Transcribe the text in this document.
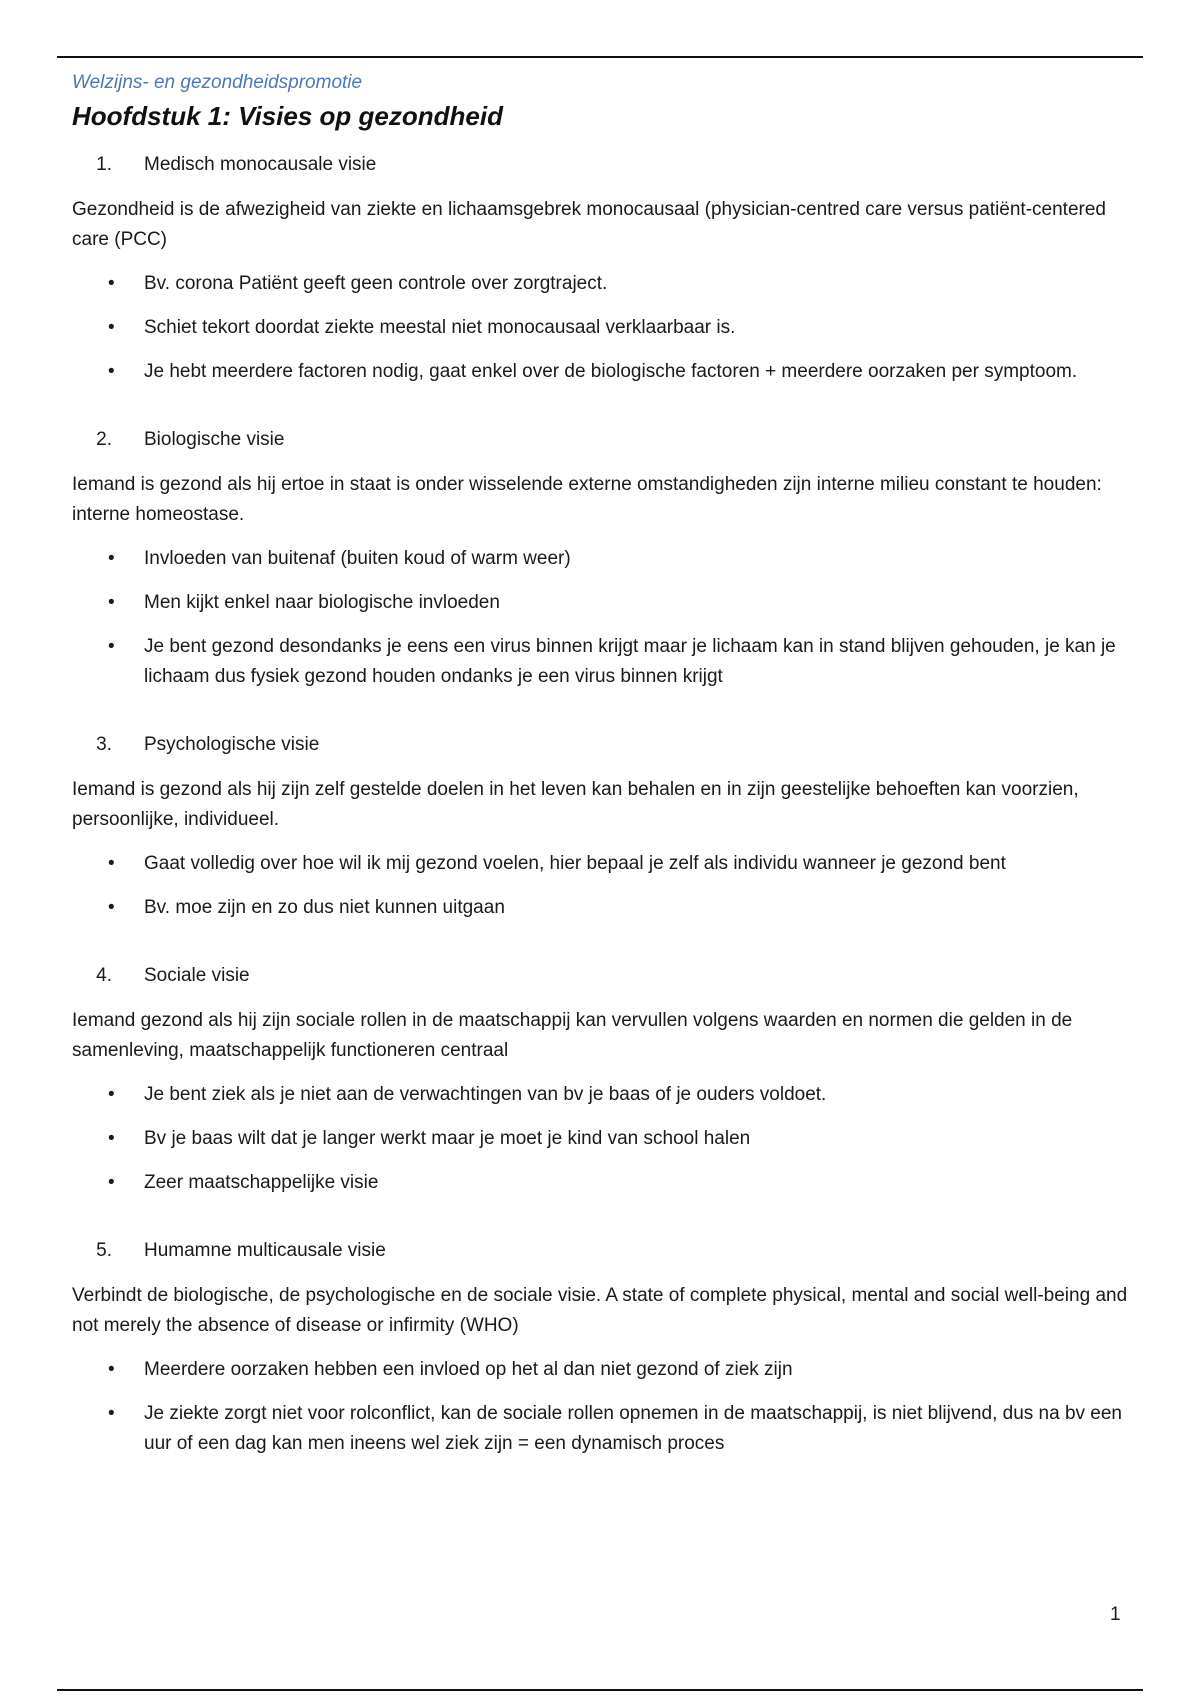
Welzijns- en gezondheidspromotie

Hoofdstuk 1: Visies op gezondheid
1. Medisch monocausale visie

Gezondheid is de afwezigheid van ziekte en lichaamsgebrek monocausaal (physician-centred care versus patiënt-centered care (PCC)

•	Bv. corona Patiënt geeft geen controle over zorgtraject.
•	Schiet tekort doordat ziekte meestal niet monocausaal verklaarbaar is.
•	Je hebt meerdere factoren nodig, gaat enkel over de biologische factoren + meerdere oorzaken per symptoom.
2. Biologische visie

Iemand is gezond als hij ertoe in staat is onder wisselende externe omstandigheden zijn interne milieu constant te houden: interne homeostase.

•	Invloeden van buitenaf (buiten koud of warm weer)
•	Men kijkt enkel naar biologische invloeden
•	Je bent gezond desondanks je eens een virus binnen krijgt maar je lichaam kan in stand blijven gehouden, je kan je lichaam dus fysiek gezond houden ondanks je een virus binnen krijgt
3. Psychologische visie

Iemand is gezond als hij zijn zelf gestelde doelen in het leven kan behalen en in zijn geestelijke behoeften kan voorzien, persoonlijke, individueel.

•	Gaat volledig over hoe wil ik mij gezond voelen, hier bepaal je zelf als individu wanneer je gezond bent
•	Bv. moe zijn en zo dus niet kunnen uitgaan
4. Sociale visie

Iemand gezond als hij zijn sociale rollen in de maatschappij kan vervullen volgens waarden en normen die gelden in de samenleving, maatschappelijk functioneren centraal

•	Je bent ziek als je niet aan de verwachtingen van bv je baas of je ouders voldoet.
•	Bv je baas wilt dat je langer werkt maar je moet je kind van school halen
•	Zeer maatschappelijke visie
5. Humamne multicausale visie

Verbindt de biologische, de psychologische en de sociale visie. A state of complete physical, mental and social well-being and not merely the absence of disease or infirmity (WHO)

•	Meerdere oorzaken hebben een invloed op het al dan niet gezond of ziek zijn
•	Je ziekte zorgt niet voor rolconflict, kan de sociale rollen opnemen in de maatschappij, is niet blijvend, dus na bv een uur of een dag kan men ineens wel ziek zijn = een dynamisch proces
1
